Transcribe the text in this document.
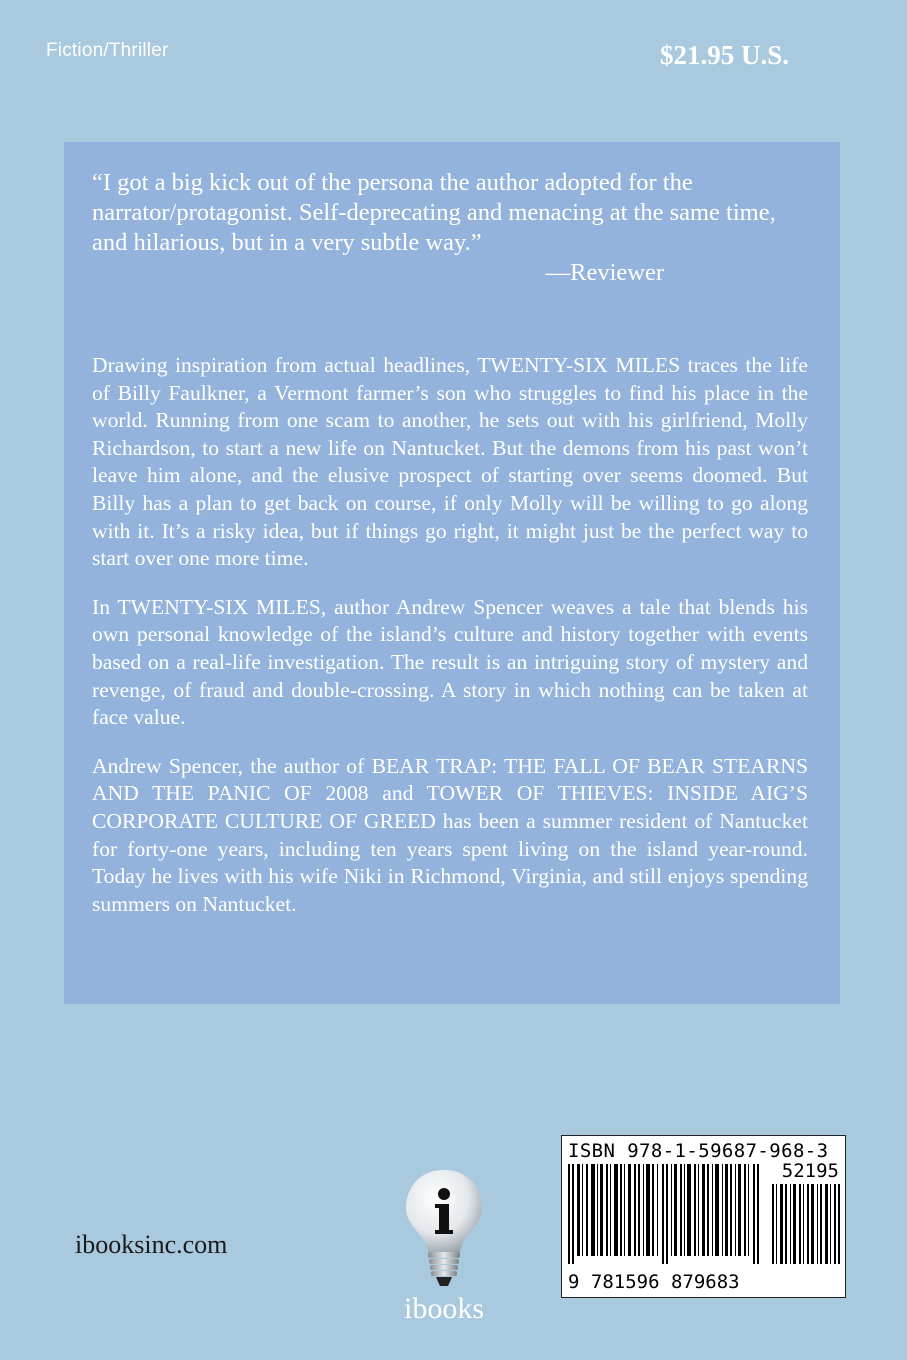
Fiction/Thriller	$21.95 U.S.

“I got a big kick out of the persona the author adopted for the narrator/protagonist. Self-deprecating and menacing at the same time, and hilarious, but in a very subtle way.”

—Reviewer

Drawing inspiration from actual headlines, TWENTY-SIX MILES traces the life of Billy Faulkner, a Vermont farmer’s son who struggles to find his place in the world. Running from one scam to another, he sets out with his girlfriend, Molly Richardson, to start a new life on Nantucket. But the demons from his past won’t leave him alone, and the elusive prospect of starting over seems doomed. But Billy has a plan to get back on course, if only Molly will be willing to go along with it. It’s a risky idea, but if things go right, it might just be the perfect way to start over one more time.

In TWENTY-SIX MILES, author Andrew Spencer weaves a tale that blends his own personal knowledge of the island’s culture and history together with events based on a real-life investigation. The result is an intriguing story of mystery and revenge, of fraud and double-crossing. A story in which nothing can be taken at face value.

Andrew Spencer, the author of BEAR TRAP: THE FALL OF BEAR STEARNS AND THE PANIC OF 2008 and TOWER OF THIEVES: INSIDE AIG’S CORPORATE CULTURE OF GREED has been a summer resident of Nantucket for forty-one years, including ten years spent living on the island year-round. Today he lives with his wife Niki in Richmond, Virginia, and still enjoys spending summers on Nantucket.

ibooksinc.com
ibooks
ISBN 978-1-59687-968-3
52195
9 781596 879683
